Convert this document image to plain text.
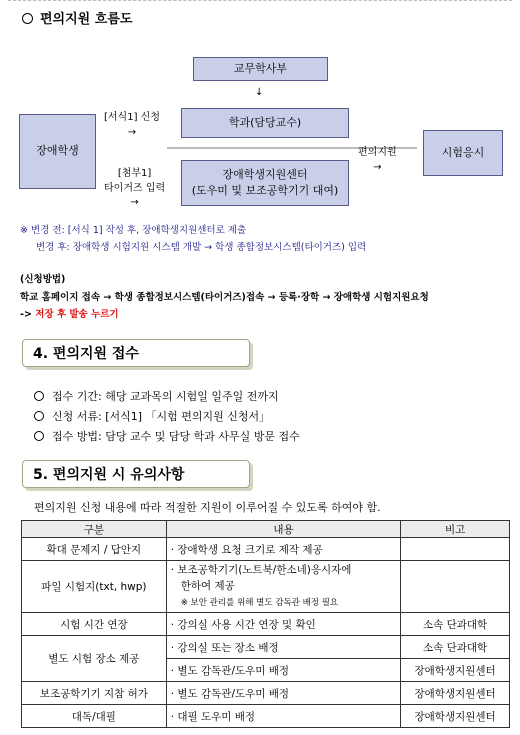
편의지원 흐름도
교무학사부
↓
장애학생
[서식1] 신청
→
[첨부1]
타이거즈 입력
→
학과(담당교수)
장애학생지원센터
(도우미 및 보조공학기기 대여)
편의지원
→
시험응시
※ 변경 전: [서식 1] 작성 후, 장애학생지원센터로 제출
변경 후: 장애학생 시험지원 시스템 개발 → 학생 종합정보시스템(타이거즈) 입력
(신청방법)
학교 홈페이지 접속 → 학생 종합정보시스템(타이거즈)접속 → 등록·장학 → 장애학생 시험지원요청
-> 저장 후 발송 누르기
4. 편의지원 접수
접수 기간: 해당 교과목의 시험일 일주일 전까지
신청 서류: [서식1] 「시험 편의지원 신청서」
접수 방법: 담당 교수 및 담당 학과 사무실 방문 접수
5. 편의지원 시 유의사항
편의지원 신청 내용에 따라 적절한 지원이 이루어질 수 있도록 하여야 함.
구분	내용	비고
확대 문제지 / 답안지	· 장애학생 요청 크기로 제작 제공	
파일 시험지(txt, hwp)	· 보조공학기기(노트북/한소네)응시자에
한하여 제공
※ 보안 관리를 위해 별도 감독관 배정 필요	
시험 시간 연장	· 강의실 사용 시간 연장 및 확인	소속 단과대학
별도 시험 장소 제공	· 강의실 또는 장소 배정	소속 단과대학
	· 별도 감독관/도우미 배정	장애학생지원센터
보조공학기기 지참 허가	· 별도 감독관/도우미 배정	장애학생지원센터
대독/대필	· 대필 도우미 배정	장애학생지원센터
